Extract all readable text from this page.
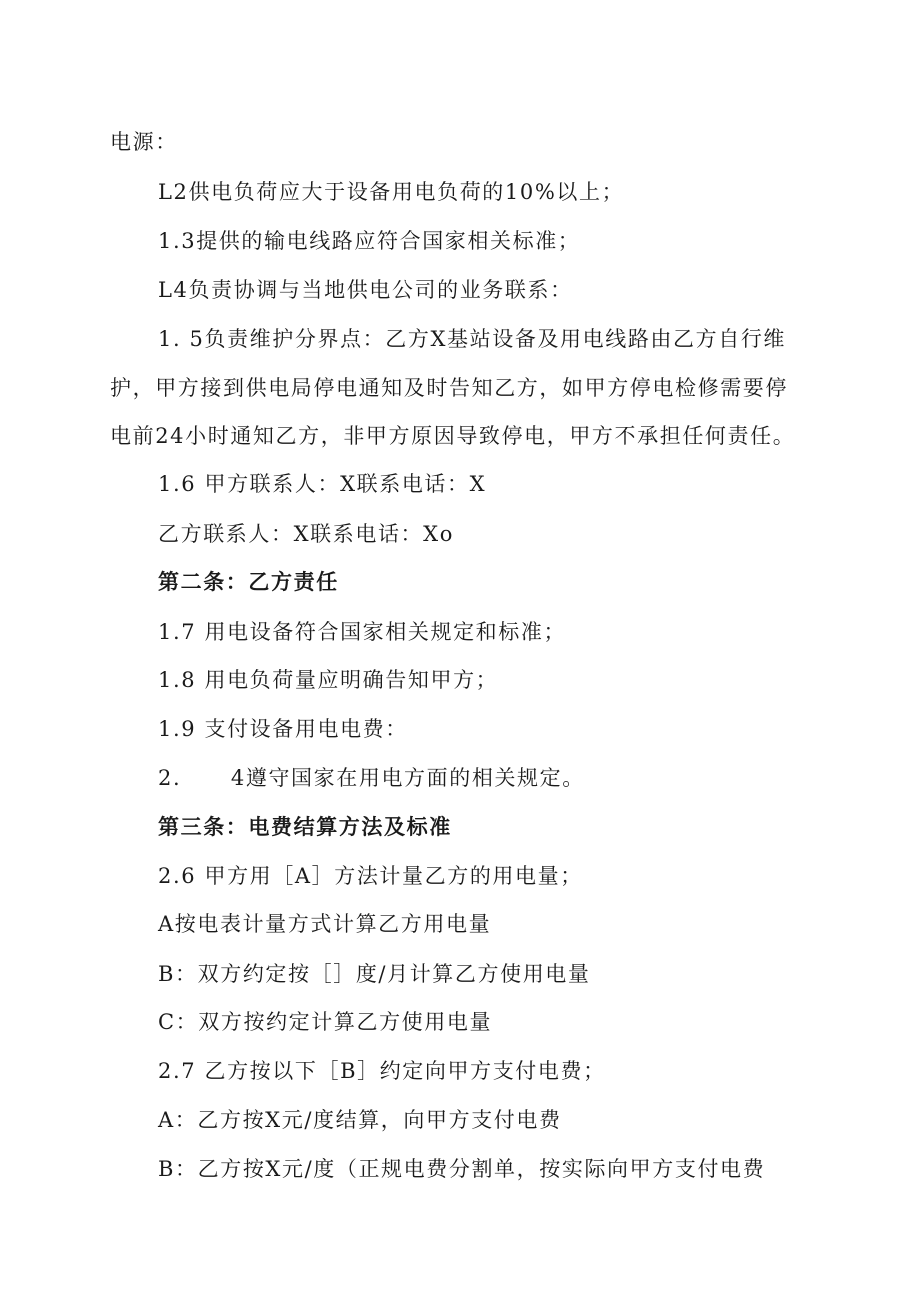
电源：
L2供电负荷应大于设备用电负荷的10%以上；
1.3提供的输电线路应符合国家相关标准；
L4负责协调与当地供电公司的业务联系：
1. 5负责维护分界点：乙方X基站设备及用电线路由乙方自行维
护，甲方接到供电局停电通知及时告知乙方，如甲方停电检修需要停
电前24小时通知乙方，非甲方原因导致停电，甲方不承担任何责任。
1.6 甲方联系人：X联系电话：X
乙方联系人：X联系电话：Xo
第二条：乙方责任
1.7 用电设备符合国家相关规定和标准；
1.8 用电负荷量应明确告知甲方；
1.9 支付设备用电电费：
2.      4遵守国家在用电方面的相关规定。
第三条：电费结算方法及标准
2.6 甲方用［A］方法计量乙方的用电量；
A按电表计量方式计算乙方用电量
B：双方约定按［］度/月计算乙方使用电量
C：双方按约定计算乙方使用电量
2.7 乙方按以下［B］约定向甲方支付电费；
A：乙方按X元/度结算，向甲方支付电费
B：乙方按X元/度（正规电费分割单，按实际向甲方支付电费
